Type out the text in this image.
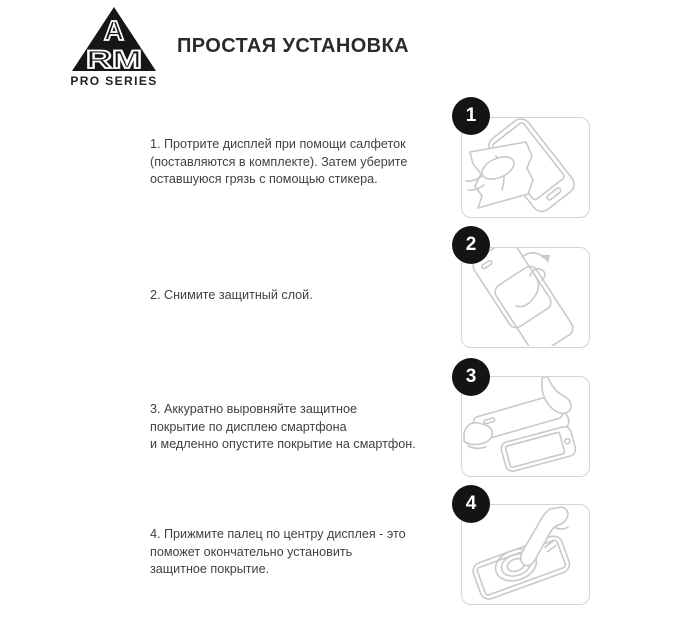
A
RM
PRO SERIES
ПРОСТАЯ УСТАНОВКА
1. Протрите дисплей при помощи салфеток
(поставляются в комплекте). Затем уберите
оставшуюся грязь с помощью стикера.
1
2. Снимите защитный слой.
2
3. Аккуратно выровняйте защитное
покрытие по дисплею смартфона
и медленно опустите покрытие на смартфон.
3
4. Прижмите палец по центру дисплея - это
поможет окончательно установить
защитное покрытие.
4
